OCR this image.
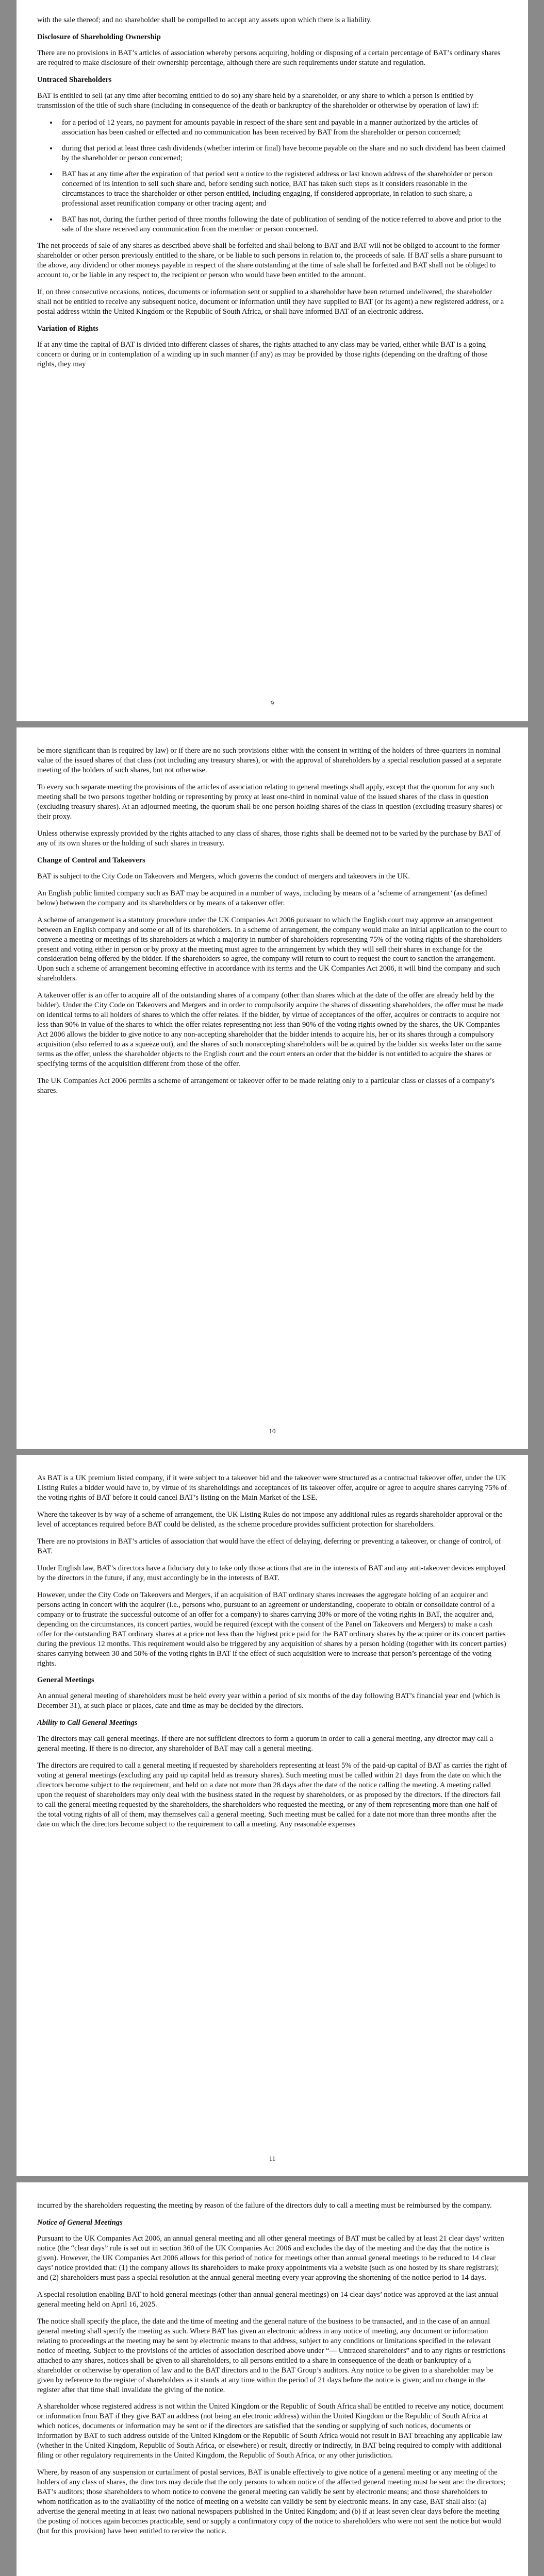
with the sale thereof; and no shareholder shall be compelled to accept any assets upon which there is a liability.

Disclosure of Shareholding Ownership

There are no provisions in BAT’s articles of association whereby persons acquiring, holding or disposing of a certain percentage of BAT’s ordinary shares are required to make disclosure of their ownership percentage, although there are such requirements under statute and regulation.

Untraced Shareholders

BAT is entitled to sell (at any time after becoming entitled to do so) any share held by a shareholder, or any share to which a person is entitled by transmission of the title of such share (including in consequence of the death or bankruptcy of the shareholder or otherwise by operation of law) if:

• for a period of 12 years, no payment for amounts payable in respect of the share sent and payable in a manner authorized by the articles of association has been cashed or effected and no communication has been received by BAT from the shareholder or person concerned;
• during that period at least three cash dividends (whether interim or final) have become payable on the share and no such dividend has been claimed by the shareholder or person concerned;
• BAT has at any time after the expiration of that period sent a notice to the registered address or last known address of the shareholder or person concerned of its intention to sell such share and, before sending such notice, BAT has taken such steps as it considers reasonable in the circumstances to trace the shareholder or other person entitled, including engaging, if considered appropriate, in relation to such share, a professional asset reunification company or other tracing agent; and
• BAT has not, during the further period of three months following the date of publication of sending of the notice referred to above and prior to the sale of the share received any communication from the member or person concerned.

The net proceeds of sale of any shares as described above shall be forfeited and shall belong to BAT and BAT will not be obliged to account to the former shareholder or other person previously entitled to the share, or be liable to such persons in relation to, the proceeds of sale. If BAT sells a share pursuant to the above, any dividend or other moneys payable in respect of the share outstanding at the time of sale shall be forfeited and BAT shall not be obliged to account to, or be liable in any respect to, the recipient or person who would have been entitled to the amount.

If, on three consecutive occasions, notices, documents or information sent or supplied to a shareholder have been returned undelivered, the shareholder shall not be entitled to receive any subsequent notice, document or information until they have supplied to BAT (or its agent) a new registered address, or a postal address within the United Kingdom or the Republic of South Africa, or shall have informed BAT of an electronic address.

Variation of Rights

If at any time the capital of BAT is divided into different classes of shares, the rights attached to any class may be varied, either while BAT is a going concern or during or in contemplation of a winding up in such manner (if any) as may be provided by those rights (depending on the drafting of those rights, they may

9

be more significant than is required by law) or if there are no such provisions either with the consent in writing of the holders of three-quarters in nominal value of the issued shares of that class (not including any treasury shares), or with the approval of shareholders by a special resolution passed at a separate meeting of the holders of such shares, but not otherwise.

To every such separate meeting the provisions of the articles of association relating to general meetings shall apply, except that the quorum for any such meeting shall be two persons together holding or representing by proxy at least one-third in nominal value of the issued shares of the class in question (excluding treasury shares). At an adjourned meeting, the quorum shall be one person holding shares of the class in question (excluding treasury shares) or their proxy.

Unless otherwise expressly provided by the rights attached to any class of shares, those rights shall be deemed not to be varied by the purchase by BAT of any of its own shares or the holding of such shares in treasury.

Change of Control and Takeovers

BAT is subject to the City Code on Takeovers and Mergers, which governs the conduct of mergers and takeovers in the UK.

An English public limited company such as BAT may be acquired in a number of ways, including by means of a ‘scheme of arrangement’ (as defined below) between the company and its shareholders or by means of a takeover offer.

A scheme of arrangement is a statutory procedure under the UK Companies Act 2006 pursuant to which the English court may approve an arrangement between an English company and some or all of its shareholders. In a scheme of arrangement, the company would make an initial application to the court to convene a meeting or meetings of its shareholders at which a majority in number of shareholders representing 75% of the voting rights of the shareholders present and voting either in person or by proxy at the meeting must agree to the arrangement by which they will sell their shares in exchange for the consideration being offered by the bidder. If the shareholders so agree, the company will return to court to request the court to sanction the arrangement. Upon such a scheme of arrangement becoming effective in accordance with its terms and the UK Companies Act 2006, it will bind the company and such shareholders.

A takeover offer is an offer to acquire all of the outstanding shares of a company (other than shares which at the date of the offer are already held by the bidder). Under the City Code on Takeovers and Mergers and in order to compulsorily acquire the shares of dissenting shareholders, the offer must be made on identical terms to all holders of shares to which the offer relates. If the bidder, by virtue of acceptances of the offer, acquires or contracts to acquire not less than 90% in value of the shares to which the offer relates representing not less than 90% of the voting rights owned by the shares, the UK Companies Act 2006 allows the bidder to give notice to any non-accepting shareholder that the bidder intends to acquire his, her or its shares through a compulsory acquisition (also referred to as a squeeze out), and the shares of such nonaccepting shareholders will be acquired by the bidder six weeks later on the same terms as the offer, unless the shareholder objects to the English court and the court enters an order that the bidder is not entitled to acquire the shares or specifying terms of the acquisition different from those of the offer.

The UK Companies Act 2006 permits a scheme of arrangement or takeover offer to be made relating only to a particular class or classes of a company’s shares.

10

As BAT is a UK premium listed company, if it were subject to a takeover bid and the takeover were structured as a contractual takeover offer, under the UK Listing Rules a bidder would have to, by virtue of its shareholdings and acceptances of its takeover offer, acquire or agree to acquire shares carrying 75% of the voting rights of BAT before it could cancel BAT’s listing on the Main Market of the LSE.

Where the takeover is by way of a scheme of arrangement, the UK Listing Rules do not impose any additional rules as regards shareholder approval or the level of acceptances required before BAT could be delisted, as the scheme procedure provides sufficient protection for shareholders.

There are no provisions in BAT’s articles of association that would have the effect of delaying, deferring or preventing a takeover, or change of control, of BAT.

Under English law, BAT’s directors have a fiduciary duty to take only those actions that are in the interests of BAT and any anti-takeover devices employed by the directors in the future, if any, must accordingly be in the interests of BAT.

However, under the City Code on Takeovers and Mergers, if an acquisition of BAT ordinary shares increases the aggregate holding of an acquirer and persons acting in concert with the acquirer (i.e., persons who, pursuant to an agreement or understanding, cooperate to obtain or consolidate control of a company or to frustrate the successful outcome of an offer for a company) to shares carrying 30% or more of the voting rights in BAT, the acquirer and, depending on the circumstances, its concert parties, would be required (except with the consent of the Panel on Takeovers and Mergers) to make a cash offer for the outstanding BAT ordinary shares at a price not less than the highest price paid for the BAT ordinary shares by the acquirer or its concert parties during the previous 12 months. This requirement would also be triggered by any acquisition of shares by a person holding (together with its concert parties) shares carrying between 30 and 50% of the voting rights in BAT if the effect of such acquisition were to increase that person’s percentage of the voting rights.

General Meetings

An annual general meeting of shareholders must be held every year within a period of six months of the day following BAT’s financial year end (which is December 31), at such place or places, date and time as may be decided by the directors.

Ability to Call General Meetings

The directors may call general meetings. If there are not sufficient directors to form a quorum in order to call a general meeting, any director may call a general meeting. If there is no director, any shareholder of BAT may call a general meeting.

The directors are required to call a general meeting if requested by shareholders representing at least 5% of the paid-up capital of BAT as carries the right of voting at general meetings (excluding any paid up capital held as treasury shares). Such meeting must be called within 21 days from the date on which the directors become subject to the requirement, and held on a date not more than 28 days after the date of the notice calling the meeting. A meeting called upon the request of shareholders may only deal with the business stated in the request by shareholders, or as proposed by the directors. If the directors fail to call the general meeting requested by the shareholders, the shareholders who requested the meeting, or any of them representing more than one half of the total voting rights of all of them, may themselves call a general meeting. Such meeting must be called for a date not more than three months after the date on which the directors become subject to the requirement to call a meeting. Any reasonable expenses

11

incurred by the shareholders requesting the meeting by reason of the failure of the directors duly to call a meeting must be reimbursed by the company.

Notice of General Meetings

Pursuant to the UK Companies Act 2006, an annual general meeting and all other general meetings of BAT must be called by at least 21 clear days’ written notice (the “clear days” rule is set out in section 360 of the UK Companies Act 2006 and excludes the day of the meeting and the day that the notice is given). However, the UK Companies Act 2006 allows for this period of notice for meetings other than annual general meetings to be reduced to 14 clear days’ notice provided that: (1) the company allows its shareholders to make proxy appointments via a website (such as one hosted by its share registrars); and (2) shareholders must pass a special resolution at the annual general meeting every year approving the shortening of the notice period to 14 days.

A special resolution enabling BAT to hold general meetings (other than annual general meetings) on 14 clear days’ notice was approved at the last annual general meeting held on April 16, 2025.

The notice shall specify the place, the date and the time of meeting and the general nature of the business to be transacted, and in the case of an annual general meeting shall specify the meeting as such. Where BAT has given an electronic address in any notice of meeting, any document or information relating to proceedings at the meeting may be sent by electronic means to that address, subject to any conditions or limitations specified in the relevant notice of meeting. Subject to the provisions of the articles of association described above under “— Untraced shareholders” and to any rights or restrictions attached to any shares, notices shall be given to all shareholders, to all persons entitled to a share in consequence of the death or bankruptcy of a shareholder or otherwise by operation of law and to the BAT directors and to the BAT Group’s auditors. Any notice to be given to a shareholder may be given by reference to the register of shareholders as it stands at any time within the period of 21 days before the notice is given; and no change in the register after that time shall invalidate the giving of the notice.

A shareholder whose registered address is not within the United Kingdom or the Republic of South Africa shall be entitled to receive any notice, document or information from BAT if they give BAT an address (not being an electronic address) within the United Kingdom or the Republic of South Africa at which notices, documents or information may be sent or if the directors are satisfied that the sending or supplying of such notices, documents or information by BAT to such address outside of the United Kingdom or the Republic of South Africa would not result in BAT breaching any applicable law (whether in the United Kingdom, Republic of South Africa, or elsewhere) or result, directly or indirectly, in BAT being required to comply with additional filing or other regulatory requirements in the United Kingdom, the Republic of South Africa, or any other jurisdiction.

Where, by reason of any suspension or curtailment of postal services, BAT is unable effectively to give notice of a general meeting or any meeting of the holders of any class of shares, the directors may decide that the only persons to whom notice of the affected general meeting must be sent are: the directors; BAT’s auditors; those shareholders to whom notice to convene the general meeting can validly be sent by electronic means; and those shareholders to whom notification as to the availability of the notice of meeting on a website can validly be sent by electronic means. In any case, BAT shall also: (a) advertise the general meeting in at least two national newspapers published in the United Kingdom; and (b) if at least seven clear days before the meeting the posting of notices again becomes practicable, send or supply a confirmatory copy of the notice to shareholders who were not sent the notice but would (but for this provision) have been entitled to receive the notice.
